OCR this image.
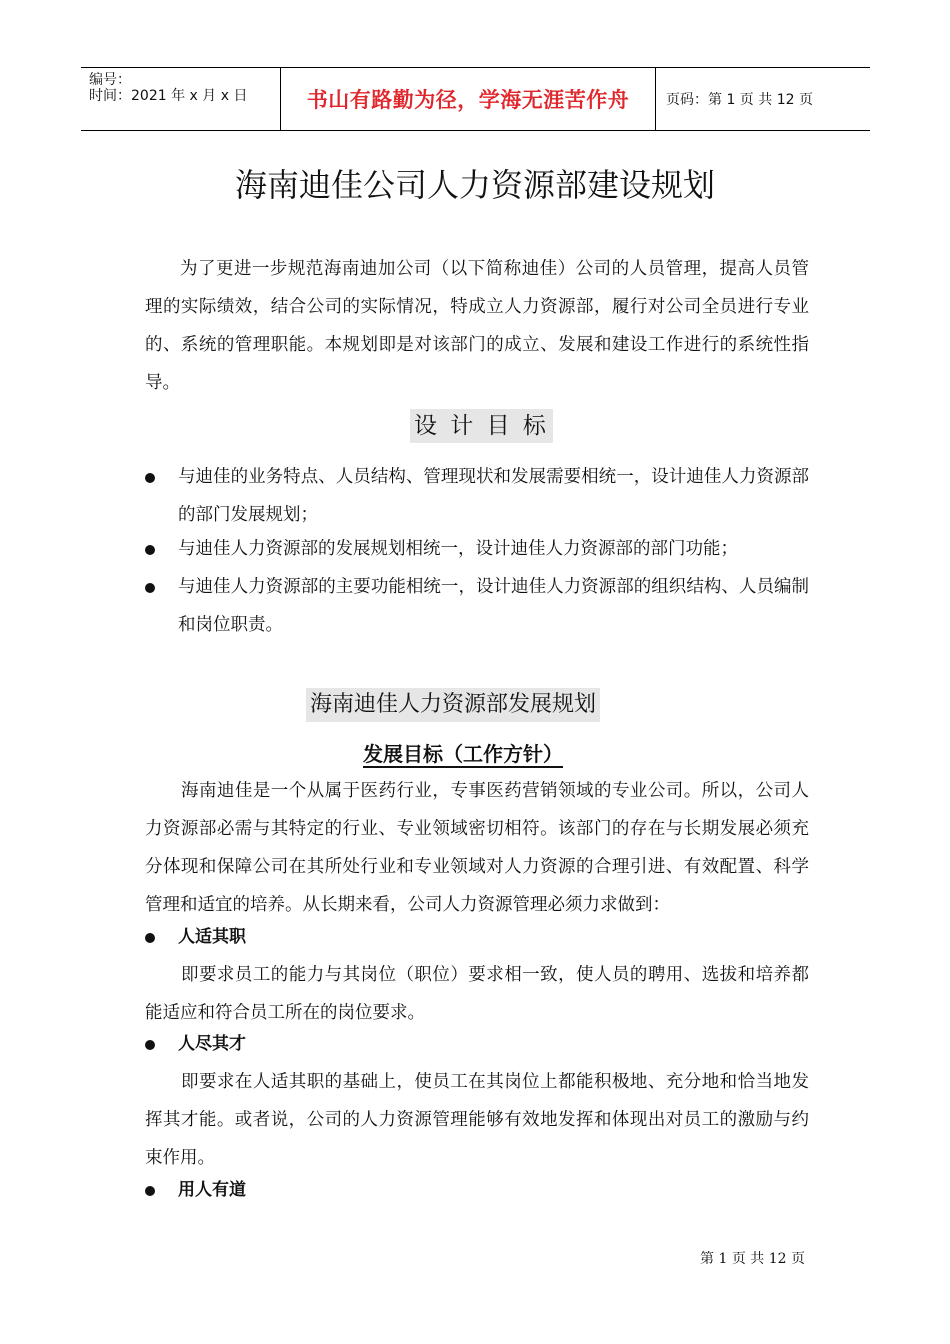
编号：
时间：2021 年 x 月 x 日	书山有路勤为径，学海无涯苦作舟	页码：第 1 页 共 12 页
海南迪佳公司人力资源部建设规划

为了更进一步规范海南迪加公司（以下简称迪佳）公司的人员管理，提高人员管理的实际绩效，结合公司的实际情况，特成立人力资源部，履行对公司全员进行专业的、系统的管理职能。本规划即是对该部门的成立、发展和建设工作进行的系统性指导。

设 计 目 标
与迪佳的业务特点、人员结构、管理现状和发展需要相统一，设计迪佳人力资源部的部门发展规划；
与迪佳人力资源部的发展规划相统一，设计迪佳人力资源部的部门功能；
与迪佳人力资源部的主要功能相统一，设计迪佳人力资源部的组织结构、人员编制和岗位职责。
海南迪佳人力资源部发展规划
发展目标（工作方针）

海南迪佳是一个从属于医药行业，专事医药营销领域的专业公司。所以，公司人力资源部必需与其特定的行业、专业领域密切相符。该部门的存在与长期发展必须充分体现和保障公司在其所处行业和专业领域对人力资源的合理引进、有效配置、科学管理和适宜的培养。从长期来看，公司人力资源管理必须力求做到：

人适其职

即要求员工的能力与其岗位（职位）要求相一致，使人员的聘用、选拔和培养都能适应和符合员工所在的岗位要求。

人尽其才

即要求在人适其职的基础上，使员工在其岗位上都能积极地、充分地和恰当地发挥其才能。或者说，公司的人力资源管理能够有效地发挥和体现出对员工的激励与约束作用。

用人有道
第 1 页 共 12 页
